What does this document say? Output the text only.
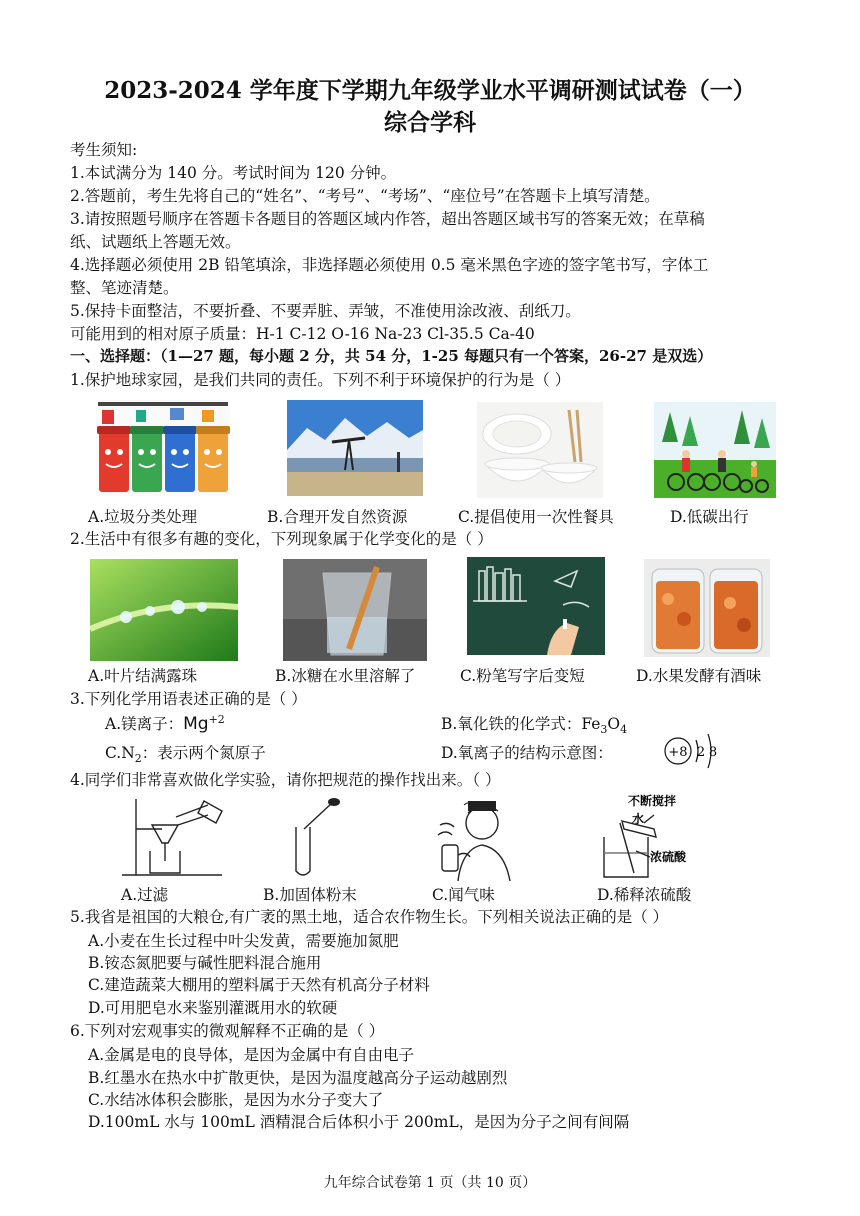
2023-2024 学年度下学期九年级学业水平调研测试试卷（一）
综合学科
考生须知:
1.本试满分为 140 分。考试时间为 120 分钟。
2.答题前，考生先将自己的“姓名”、“考号”、“考场”、“座位号”在答题卡上填写清楚。
3.请按照题号顺序在答题卡各题目的答题区域内作答，超出答题区域书写的答案无效；在草稿
纸、试题纸上答题无效。
4.选择题必须使用 2B 铅笔填涂，非选择题必须使用 0.5 毫米黑色字迹的签字笔书写，字体工
整、笔迹清楚。
5.保持卡面整洁，不要折叠、不要弄脏、弄皱，不准使用涂改液、刮纸刀。
可能用到的相对原子质量：H-1 C-12 O-16 Na-23 Cl-35.5 Ca-40
一、选择题：（1—27 题，每小题 2 分，共 54 分，1-25 每题只有一个答案，26-27 是双选）
1.保护地球家园，是我们共同的责任。下列不利于环境保护的行为是（ ）
A.垃圾分类处理	B.合理开发自然资源	C.提倡使用一次性餐具	D.低碳出行
2.生活中有很多有趣的变化，下列现象属于化学变化的是（ ）
A.叶片结满露珠	B.冰糖在水里溶解了	C.粉笔写字后变短	D.水果发酵有酒味
3.下列化学用语表述正确的是（ ）
A.镁离子：$Mg^{+2}$	B.氧化铁的化学式：$Fe_3O_4$
$C.N_2$：表示两个氮原子	D.氧离子的结构示意图：	+8 2 8
4.同学们非常喜欢做化学实验，请你把规范的操作找出来。（ ）
不断搅拌
水
浓硫酸
A.过滤	B.加固体粉末	C.闻气味	D.稀释浓硫酸
5.我省是祖国的大粮仓,有广袤的黑土地，适合农作物生长。下列相关说法正确的是（ ）
A.小麦在生长过程中叶尖发黄，需要施加氮肥
B.铵态氮肥要与碱性肥料混合施用
C.建造蔬菜大棚用的塑料属于天然有机高分子材料
D.可用肥皂水来鉴别灌溉用水的软硬
6.下列对宏观事实的微观解释不正确的是（ ）
A.金属是电的良导体，是因为金属中有自由电子
B.红墨水在热水中扩散更快，是因为温度越高分子运动越剧烈
C.水结冰体积会膨胀，是因为水分子变大了
D.100mL 水与 100mL 酒精混合后体积小于 200mL，是因为分子之间有间隔
九年综合试卷第 1 页（共 10 页）
